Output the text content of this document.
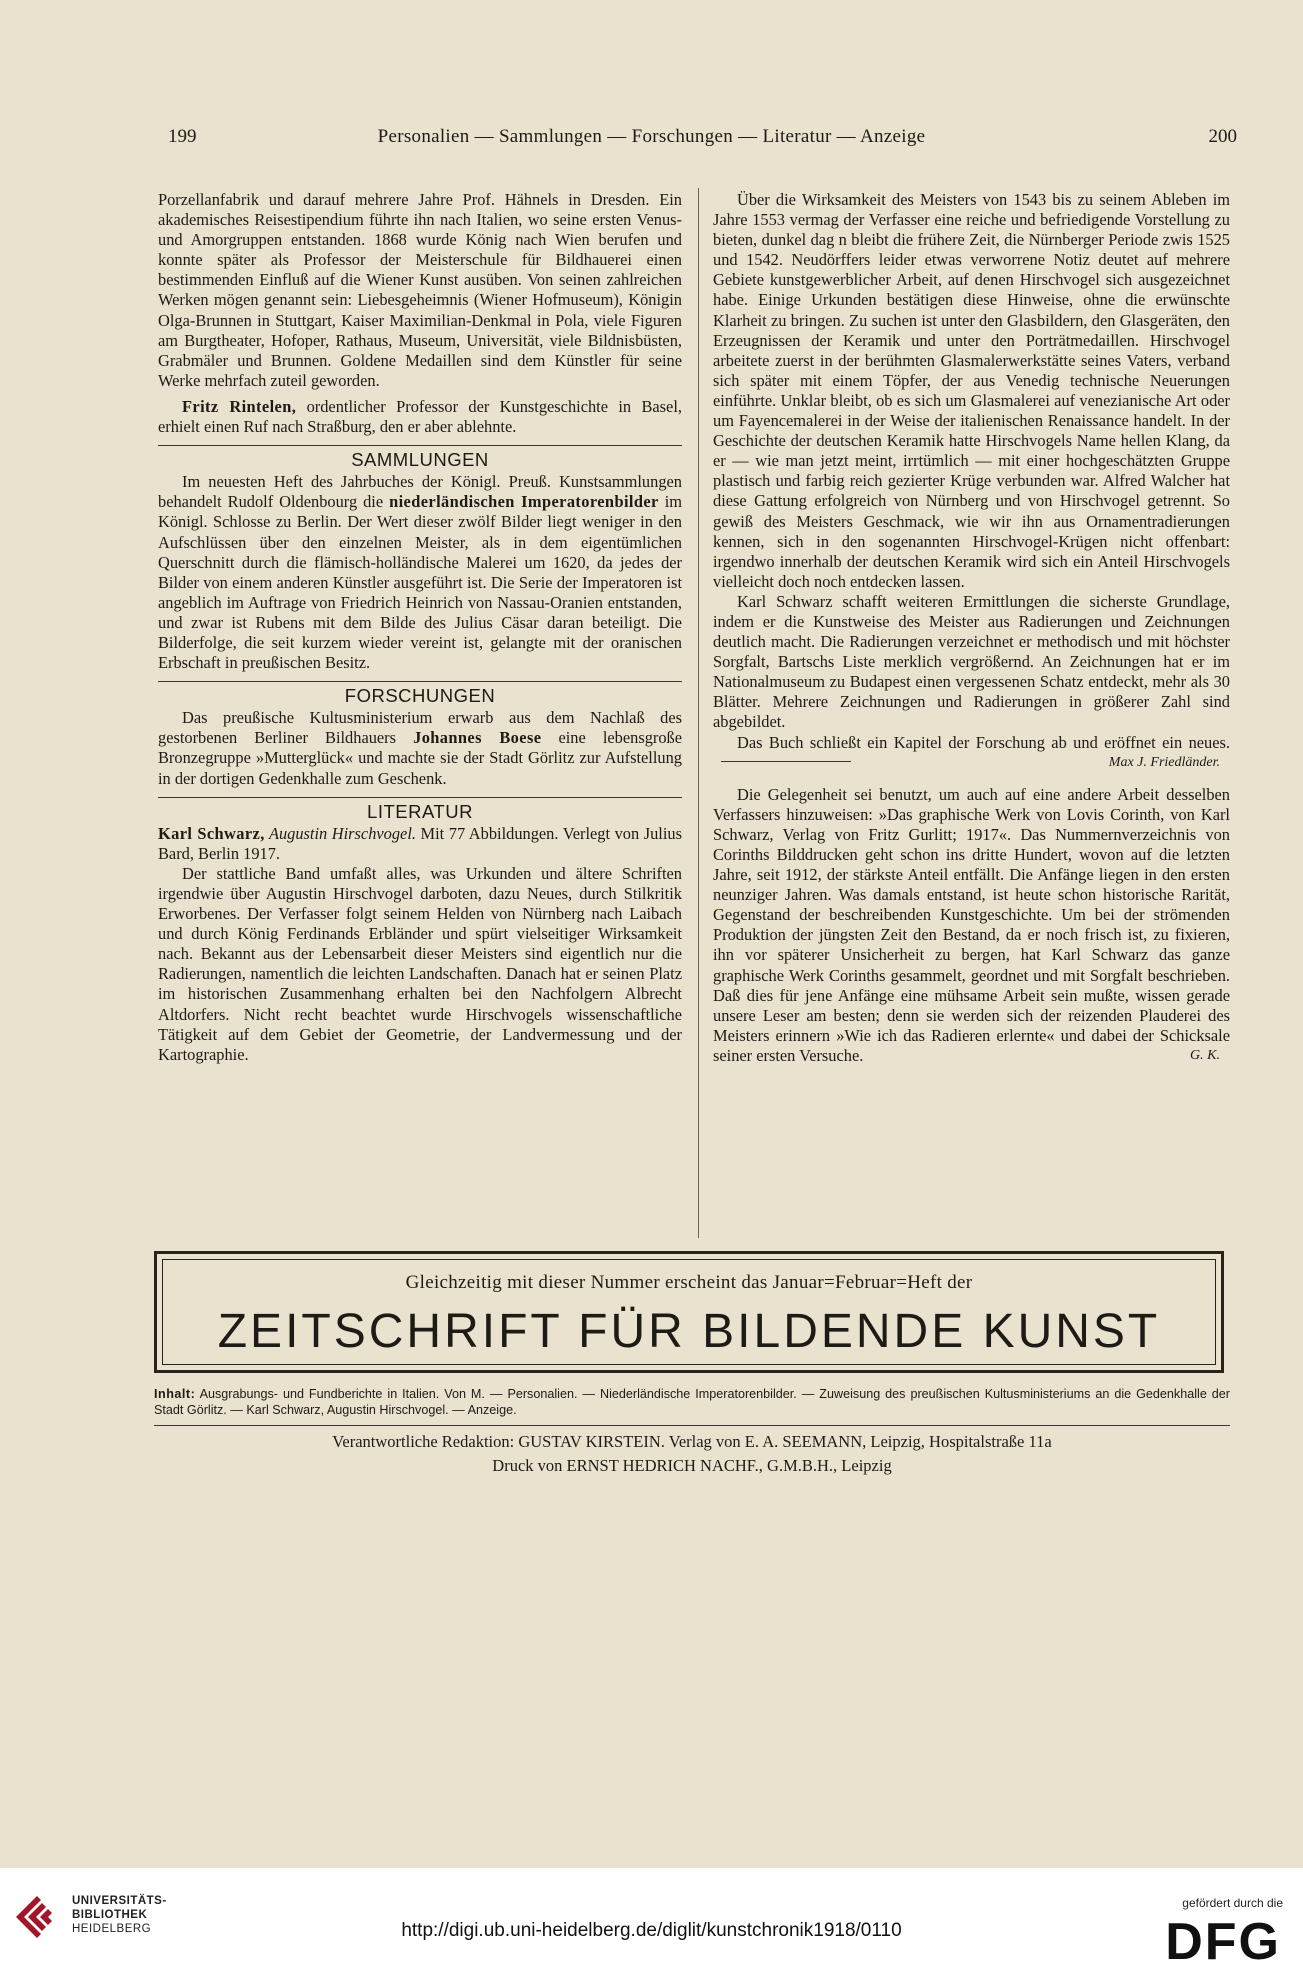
199	Personalien — Sammlungen — Forschungen — Literatur — Anzeige	200

Porzellanfabrik und darauf mehrere Jahre Prof. Hähnels in Dresden. Ein akademisches Reisestipendium führte ihn nach Italien, wo seine ersten Venus- und Amorgruppen entstanden. 1868 wurde König nach Wien berufen und konnte später als Professor der Meisterschule für Bildhauerei einen bestimmenden Einfluß auf die Wiener Kunst ausüben. Von seinen zahlreichen Werken mögen genannt sein: Liebesgeheimnis (Wiener Hofmuseum), Königin Olga-Brunnen in Stuttgart, Kaiser Maximilian-Denkmal in Pola, viele Figuren am Burgtheater, Hofoper, Rathaus, Museum, Universität, viele Bildnisbüsten, Grabmäler und Brunnen. Goldene Medaillen sind dem Künstler für seine Werke mehrfach zuteil geworden.

Fritz Rintelen, ordentlicher Professor der Kunstgeschichte in Basel, erhielt einen Ruf nach Straßburg, den er aber ablehnte.

SAMMLUNGEN

Im neuesten Heft des Jahrbuches der Königl. Preuß. Kunstsammlungen behandelt Rudolf Oldenbourg die niederländischen Imperatorenbilder im Königl. Schlosse zu Berlin. Der Wert dieser zwölf Bilder liegt weniger in den Aufschlüssen über den einzelnen Meister, als in dem eigentümlichen Querschnitt durch die flämisch-holländische Malerei um 1620, da jedes der Bilder von einem anderen Künstler ausgeführt ist. Die Serie der Imperatoren ist angeblich im Auftrage von Friedrich Heinrich von Nassau-Oranien entstanden, und zwar ist Rubens mit dem Bilde des Julius Cäsar daran beteiligt. Die Bilderfolge, die seit kurzem wieder vereint ist, gelangte mit der oranischen Erbschaft in preußischen Besitz.

FORSCHUNGEN

Das preußische Kultusministerium erwarb aus dem Nachlaß des gestorbenen Berliner Bildhauers Johannes Boese eine lebensgroße Bronzegruppe »Mutterglück« und machte sie der Stadt Görlitz zur Aufstellung in der dortigen Gedenkhalle zum Geschenk.

LITERATUR

Karl Schwarz, Augustin Hirschvogel. Mit 77 Abbildungen. Verlegt von Julius Bard, Berlin 1917.

Der stattliche Band umfaßt alles, was Urkunden und ältere Schriften irgendwie über Augustin Hirschvogel darboten, dazu Neues, durch Stilkritik Erworbenes. Der Verfasser folgt seinem Helden von Nürnberg nach Laibach und durch König Ferdinands Erbländer und spürt vielseitiger Wirksamkeit nach. Bekannt aus der Lebensarbeit dieser Meisters sind eigentlich nur die Radierungen, namentlich die leichten Landschaften. Danach hat er seinen Platz im historischen Zusammenhang erhalten bei den Nachfolgern Albrecht Altdorfers. Nicht recht beachtet wurde Hirschvogels wissenschaftliche Tätigkeit auf dem Gebiet der Geometrie, der Landvermessung und der Kartographie.

Über die Wirksamkeit des Meisters von 1543 bis zu seinem Ableben im Jahre 1553 vermag der Verfasser eine reiche und befriedigende Vorstellung zu bieten, dunkel dag n bleibt die frühere Zeit, die Nürnberger Periode zwis 1525 und 1542. Neudörffers leider etwas verworrene Notiz deutet auf mehrere Gebiete kunstgewerblicher Arbeit, auf denen Hirschvogel sich ausgezeichnet habe. Einige Urkunden bestätigen diese Hinweise, ohne die erwünschte Klarheit zu bringen. Zu suchen ist unter den Glasbildern, den Glasgeräten, den Erzeugnissen der Keramik und unter den Porträtmedaillen. Hirschvogel arbeitete zuerst in der berühmten Glasmalerwerkstätte seines Vaters, verband sich später mit einem Töpfer, der aus Venedig technische Neuerungen einführte. Unklar bleibt, ob es sich um Glasmalerei auf venezianische Art oder um Fayencemalerei in der Weise der italienischen Renaissance handelt. In der Geschichte der deutschen Keramik hatte Hirschvogels Name hellen Klang, da er — wie man jetzt meint, irrtümlich — mit einer hochgeschätzten Gruppe plastisch und farbig reich gezierter Krüge verbunden war. Alfred Walcher hat diese Gattung erfolgreich von Nürnberg und von Hirschvogel getrennt. So gewiß des Meisters Geschmack, wie wir ihn aus Ornamentradierungen kennen, sich in den sogenannten Hirschvogel-Krügen nicht offenbart: irgendwo innerhalb der deutschen Keramik wird sich ein Anteil Hirschvogels vielleicht doch noch entdecken lassen.

Karl Schwarz schafft weiteren Ermittlungen die sicherste Grundlage, indem er die Kunstweise des Meister aus Radierungen und Zeichnungen deutlich macht. Die Radierungen verzeichnet er methodisch und mit höchster Sorgfalt, Bartschs Liste merklich vergrößernd. An Zeichnungen hat er im Nationalmuseum zu Budapest einen vergessenen Schatz entdeckt, mehr als 30 Blätter. Mehrere Zeichnungen und Radierungen in größerer Zahl sind abgebildet.

Das Buch schließt ein Kapitel der Forschung ab und eröffnet ein neues.
Max J. Friedländer.

Die Gelegenheit sei benutzt, um auch auf eine andere Arbeit desselben Verfassers hinzuweisen: »Das graphische Werk von Lovis Corinth, von Karl Schwarz, Verlag von Fritz Gurlitt; 1917«. Das Nummernverzeichnis von Corinths Bilddrucken geht schon ins dritte Hundert, wovon auf die letzten Jahre, seit 1912, der stärkste Anteil entfällt. Die Anfänge liegen in den ersten neunziger Jahren. Was damals entstand, ist heute schon historische Rarität, Gegenstand der beschreibenden Kunstgeschichte. Um bei der strömenden Produktion der jüngsten Zeit den Bestand, da er noch frisch ist, zu fixieren, ihn vor späterer Unsicherheit zu bergen, hat Karl Schwarz das ganze graphische Werk Corinths gesammelt, geordnet und mit Sorgfalt beschrieben. Daß dies für jene Anfänge eine mühsame Arbeit sein mußte, wissen gerade unsere Leser am besten; denn sie werden sich der reizenden Plauderei des Meisters erinnern »Wie ich das Radieren erlernte« und dabei der Schicksale seiner ersten Versuche.	G. K.

Gleichzeitig mit dieser Nummer erscheint das Januar=Februar=Heft der
ZEITSCHRIFT FÜR BILDENDE KUNST
Inhalt: Ausgrabungs- und Fundberichte in Italien. Von M. — Personalien. — Niederländische Imperatorenbilder. — Zuweisung des preußischen Kultusministeriums an die Gedenkhalle der Stadt Görlitz. — Karl Schwarz, Augustin Hirschvogel. — Anzeige.
Verantwortliche Redaktion: GUSTAV KIRSTEIN. Verlag von E. A. SEEMANN, Leipzig, Hospitalstraße 11a
Druck von ERNST HEDRICH NACHF., G.M.B.H., Leipzig
UNIVERSITÄTS-
BIBLIOTHEK
HEIDELBERG	http://digi.ub.uni-heidelberg.de/diglit/kunstchronik1918/0110
gefördert durch die
DFG
